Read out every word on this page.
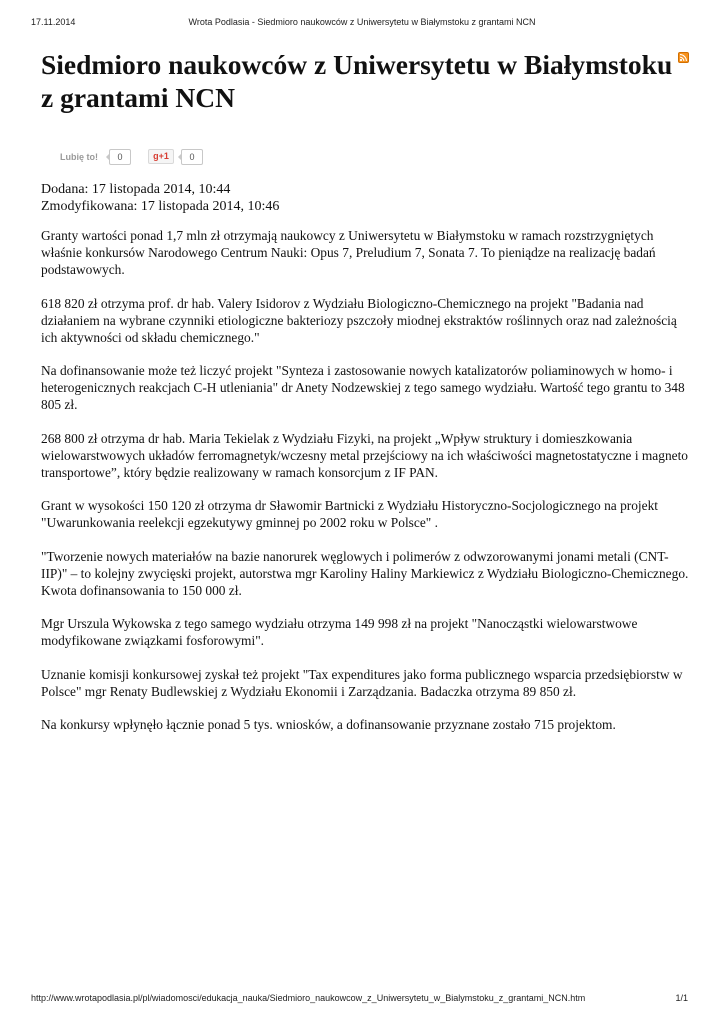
17.11.2014	Wrota Podlasia - Siedmioro naukowców z Uniwersytetu w Białymstoku z grantami NCN
Siedmioro naukowców z Uniwersytetu w Białymstoku z grantami NCN
Lubię to!	0	g+1	0
Dodana: 17 listopada 2014, 10:44
Zmodyfikowana: 17 listopada 2014, 10:46

Granty wartości ponad 1,7 mln zł otrzymają naukowcy z Uniwersytetu w Białymstoku w ramach rozstrzygniętych właśnie konkursów Narodowego Centrum Nauki: Opus 7, Preludium 7, Sonata 7. To pieniądze na realizację badań podstawowych.

618 820 zł otrzyma prof. dr hab. Valery Isidorov z Wydziału Biologiczno-Chemicznego na projekt "Badania nad działaniem na wybrane czynniki etiologiczne bakteriozy pszczoły miodnej ekstraktów roślinnych oraz nad zależnością ich aktywności od składu chemicznego."

Na dofinansowanie może też liczyć projekt "Synteza i zastosowanie nowych katalizatorów poliaminowych w homo- i heterogenicznych reakcjach C-H utleniania" dr Anety Nodzewskiej z tego samego wydziału. Wartość tego grantu to 348 805 zł.

268 800 zł otrzyma dr hab. Maria Tekielak z Wydziału Fizyki, na projekt „Wpływ struktury i domieszkowania wielowarstwowych układów ferromagnetyk/wczesny metal przejściowy na ich właściwości magnetostatyczne i magneto transportowe”, który będzie realizowany w ramach konsorcjum z IF PAN.

Grant w wysokości 150 120 zł otrzyma dr Sławomir Bartnicki z Wydziału Historyczno-Socjologicznego na projekt "Uwarunkowania reelekcji egzekutywy gminnej po 2002 roku w Polsce" .

"Tworzenie nowych materiałów na bazie nanorurek węglowych i polimerów z odwzorowanymi jonami metali (CNT-IIP)" – to kolejny zwycięski projekt, autorstwa mgr Karoliny Haliny Markiewicz z Wydziału Biologiczno-Chemicznego. Kwota dofinansowania to 150 000 zł.

Mgr Urszula Wykowska z tego samego wydziału otrzyma 149 998 zł na projekt "Nanocząstki wielowarstwowe modyfikowane związkami fosforowymi".

Uznanie komisji konkursowej zyskał też projekt "Tax expenditures jako forma publicznego wsparcia przedsiębiorstw w Polsce" mgr Renaty Budlewskiej z Wydziału Ekonomii i Zarządzania. Badaczka otrzyma 89 850 zł.

Na konkursy wpłynęło łącznie ponad 5 tys. wniosków, a dofinansowanie przyznane zostało 715 projektom.

http://www.wrotapodlasia.pl/pl/wiadomosci/edukacja_nauka/Siedmioro_naukowcow_z_Uniwersytetu_w_Bialymstoku_z_grantami_NCN.htm	1/1
